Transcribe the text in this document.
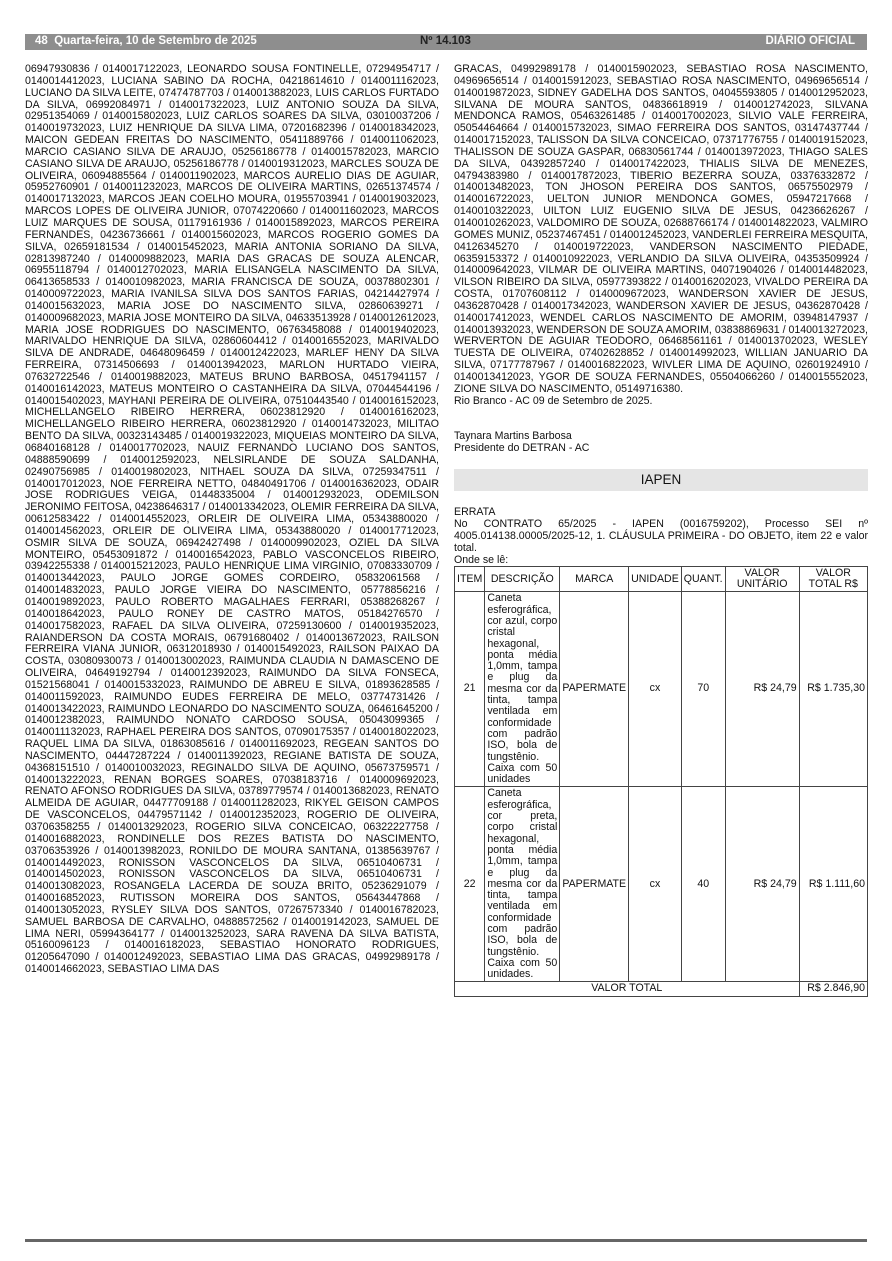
48 Quarta-feira, 10 de Setembro de 2025	Nº 14.103	DIÁRIO OFICIAL

06947930836 / 0140017122023, LEONARDO SOUSA FONTINELLE, 07294954717 / 0140014412023, LUCIANA SABINO DA ROCHA, 04218614610 / 0140011162023, LUCIANO DA SILVA LEITE, 07474787703 / 0140013882023, LUIS CARLOS FURTADO DA SILVA, 06992084971 / 0140017322023, LUIZ ANTONIO SOUZA DA SILVA, 02951354069 / 0140015802023, LUIZ CARLOS SOARES DA SILVA, 03010037206 / 0140019732023, LUIZ HENRIQUE DA SILVA LIMA, 07201682396 / 0140018342023, MAICON GEDEAN FREITAS DO NASCIMENTO, 05411889766 / 0140011062023, MARCIO CASIANO SILVA DE ARAUJO, 05256186778 / 0140015782023, MARCIO CASIANO SILVA DE ARAUJO, 05256186778 / 0140019312023, MARCLES SOUZA DE OLIVEIRA, 06094885564 / 0140011902023, MARCOS AURELIO DIAS DE AGUIAR, 05952760901 / 0140011232023, MARCOS DE OLIVEIRA MARTINS, 02651374574 / 0140017132023, MARCOS JEAN COELHO MOURA, 01955703941 / 0140019032023, MARCOS LOPES DE OLIVEIRA JUNIOR, 07074220660 / 0140011602023, MARCOS LUIZ MARQUES DE SOUSA, 01179161936 / 0140015892023, MARCOS PEREIRA FERNANDES, 04236736661 / 0140015602023, MARCOS ROGERIO GOMES DA SILVA, 02659181534 / 0140015452023, MARIA ANTONIA SORIANO DA SILVA, 02813987240 / 0140009882023, MARIA DAS GRACAS DE SOUZA ALENCAR, 06955118794 / 0140012702023, MARIA ELISANGELA NASCIMENTO DA SILVA, 06413658533 / 0140010982023, MARIA FRANCISCA DE SOUZA, 00378802301 / 0140009722023, MARIA IVANILSA SILVA DOS SANTOS FARIAS, 04214427974 / 0140015632023, MARIA JOSE DO NASCIMENTO SILVA, 02860639271 / 0140009682023, MARIA JOSE MONTEIRO DA SILVA, 04633513928 / 0140012612023, MARIA JOSE RODRIGUES DO NASCIMENTO, 06763458088 / 0140019402023, MARIVALDO HENRIQUE DA SILVA, 02860604412 / 0140016552023, MARIVALDO SILVA DE ANDRADE, 04648096459 / 0140012422023, MARLEF HENY DA SILVA FERREIRA, 07314506693 / 0140013942023, MARLON HURTADO VIEIRA, 07632722546 / 0140019882023, MATEUS BRUNO BARBOSA, 04517941157 / 0140016142023, MATEUS MONTEIRO O CASTANHEIRA DA SILVA, 07044544196 / 0140015402023, MAYHANI PEREIRA DE OLIVEIRA, 07510443540 / 0140016152023, MICHELLANGELO RIBEIRO HERRERA, 06023812920 / 0140016162023, MICHELLANGELO RIBEIRO HERRERA, 06023812920 / 0140014732023, MILITAO BENTO DA SILVA, 00323143485 / 0140019322023, MIQUEIAS MONTEIRO DA SILVA, 06840168128 / 0140017702023, NAUIZ FERNANDO LUCIANO DOS SANTOS, 04888590699 / 0140012592023, NELSIRLANDE DE SOUZA SALDANHA, 02490756985 / 0140019802023, NITHAEL SOUZA DA SILVA, 07259347511 / 0140017012023, NOE FERREIRA NETTO, 04840491706 / 0140016362023, ODAIR JOSE RODRIGUES VEIGA, 01448335004 / 0140012932023, ODEMILSON JERONIMO FEITOSA, 04238646317 / 0140013342023, OLEMIR FERREIRA DA SILVA, 00612583422 / 0140014552023, ORLEIR DE OLIVEIRA LIMA, 05343880020 / 0140014562023, ORLEIR DE OLIVEIRA LIMA, 05343880020 / 0140017712023, OSMIR SILVA DE SOUZA, 06942427498 / 0140009902023, OZIEL DA SILVA MONTEIRO, 05453091872 / 0140016542023, PABLO VASCONCELOS RIBEIRO, 03942255338 / 0140015212023, PAULO HENRIQUE LIMA VIRGINIO, 07083330709 / 0140013442023, PAULO JORGE GOMES CORDEIRO, 05832061568 / 0140014832023, PAULO JORGE VIEIRA DO NASCIMENTO, 05778856216 / 0140019892023, PAULO ROBERTO MAGALHAES FERRARI, 05388268267 / 0140018642023, PAULO RONEY DE CASTRO MATOS, 05184276570 / 0140017582023, RAFAEL DA SILVA OLIVEIRA, 07259130600 / 0140019352023, RAIANDERSON DA COSTA MORAIS, 06791680402 / 0140013672023, RAILSON FERREIRA VIANA JUNIOR, 06312018930 / 0140015492023, RAILSON PAIXAO DA COSTA, 03080930073 / 0140013002023, RAIMUNDA CLAUDIA N DAMASCENO DE OLIVEIRA, 04649192794 / 0140012392023, RAIMUNDO DA SILVA FONSECA, 01521568041 / 0140015332023, RAIMUNDO DE ABREU E SILVA, 01893628585 / 0140011592023, RAIMUNDO EUDES FERREIRA DE MELO, 03774731426 / 0140013422023, RAIMUNDO LEONARDO DO NASCIMENTO SOUZA, 06461645200 / 0140012382023, RAIMUNDO NONATO CARDOSO SOUSA, 05043099365 / 0140011132023, RAPHAEL PEREIRA DOS SANTOS, 07090175357 / 0140018022023, RAQUEL LIMA DA SILVA, 01863085616 / 0140011692023, REGEAN SANTOS DO NASCIMENTO, 04447287224 / 0140011392023, REGIANE BATISTA DE SOUZA, 04368151510 / 0140010032023, REGINALDO SILVA DE AQUINO, 05673759571 / 0140013222023, RENAN BORGES SOARES, 07038183716 / 0140009692023, RENATO AFONSO RODRIGUES DA SILVA, 03789779574 / 0140013682023, RENATO ALMEIDA DE AGUIAR, 04477709188 / 0140011282023, RIKYEL GEISON CAMPOS DE VASCONCELOS, 04479571142 / 0140012352023, ROGERIO DE OLIVEIRA, 03706358255 / 0140013292023, ROGERIO SILVA CONCEICAO, 06322227758 / 0140016882023, RONDINELLE DOS REZES BATISTA DO NASCIMENTO, 03706353926 / 0140013982023, RONILDO DE MOURA SANTANA, 01385639767 / 0140014492023, RONISSON VASCONCELOS DA SILVA, 06510406731 / 0140014502023, RONISSON VASCONCELOS DA SILVA, 06510406731 / 0140013082023, ROSANGELA LACERDA DE SOUZA BRITO, 05236291079 / 0140016852023, RUTISSON MOREIRA DOS SANTOS, 05643447868 / 0140013052023, RYSLEY SILVA DOS SANTOS, 07267573340 / 0140016782023, SAMUEL BARBOSA DE CARVALHO, 04888572562 / 0140019142023, SAMUEL DE LIMA NERI, 05994364177 / 0140013252023, SARA RAVENA DA SILVA BATISTA, 05160096123 / 0140016182023, SEBASTIAO HONORATO RODRIGUES, 01205647090 / 0140012492023, SEBASTIAO LIMA DAS GRACAS, 04992989178 / 0140014662023, SEBASTIAO LIMA DAS

GRACAS, 04992989178 / 0140015902023, SEBASTIAO ROSA NASCIMENTO, 04969656514 / 0140015912023, SEBASTIAO ROSA NASCIMENTO, 04969656514 / 0140019872023, SIDNEY GADELHA DOS SANTOS, 04045593805 / 0140012952023, SILVANA DE MOURA SANTOS, 04836618919 / 0140012742023, SILVANA MENDONCA RAMOS, 05463261485 / 0140017002023, SILVIO VALE FERREIRA, 05054464664 / 0140015732023, SIMAO FERREIRA DOS SANTOS, 03147437744 / 0140017152023, TALISSON DA SILVA CONCEICAO, 07371776755 / 0140019152023, THALISSON DE SOUZA GASPAR, 06830561744 / 0140013972023, THIAGO SALES DA SILVA, 04392857240 / 0140017422023, THIALIS SILVA DE MENEZES, 04794383980 / 0140017872023, TIBERIO BEZERRA SOUZA, 03376332872 / 0140013482023, TON JHOSON PEREIRA DOS SANTOS, 06575502979 / 0140016722023, UELTON JUNIOR MENDONCA GOMES, 05947217668 / 0140010322023, UILTON LUIZ EUGENIO SILVA DE JESUS, 04236626267 / 0140010262023, VALDOMIRO DE SOUZA, 02688766174 / 0140014822023, VALMIRO GOMES MUNIZ, 05237467451 / 0140012452023, VANDERLEI FERREIRA MESQUITA, 04126345270 / 0140019722023, VANDERSON NASCIMENTO PIEDADE, 06359153372 / 0140010922023, VERLANDIO DA SILVA OLIVEIRA, 04353509924 / 0140009642023, VILMAR DE OLIVEIRA MARTINS, 04071904026 / 0140014482023, VILSON RIBEIRO DA SILVA, 05977393822 / 0140016202023, VIVALDO PEREIRA DA COSTA, 01707608112 / 0140009672023, WANDERSON XAVIER DE JESUS, 04362870428 / 0140017342023, WANDERSON XAVIER DE JESUS, 04362870428 / 0140017412023, WENDEL CARLOS NASCIMENTO DE AMORIM, 03948147937 / 0140013932023, WENDERSON DE SOUZA AMORIM, 03838869631 / 0140013272023, WERVERTON DE AGUIAR TEODORO, 06468561161 / 0140013702023, WESLEY TUESTA DE OLIVEIRA, 07402628852 / 0140014992023, WILLIAN JANUARIO DA SILVA, 07177787967 / 0140016822023, WIVLER LIMA DE AQUINO, 02601924910 / 0140013412023, YGOR DE SOUZA FERNANDES, 05504066260 / 0140015552023, ZIONE SILVA DO NASCIMENTO, 05149716380.

Rio Branco - AC 09 de Setembro de 2025.

Taynara Martins Barbosa

Presidente do DETRAN - AC

IAPEN

ERRATA

No CONTRATO 65/2025 - IAPEN (0016759202), Processo SEI nº 4005.014138.00005/2025-12, 1. CLÁUSULA PRIMEIRA - DO OBJETO, item 22 e valor total.

Onde se lê:

ITEM	DESCRIÇÃO	MARCA	UNIDADE	QUANT.	VALOR UNITÁRIO	VALOR TOTAL R$
21	Caneta esferográfica, cor azul, corpo cristal hexagonal, ponta média 1,0mm, tampa e plug da mesma cor da tinta, tampa ventilada em conformidade com padrão ISO, bola de tungstênio. Caixa com 50 unidades	PAPERMATE	cx	70	R$ 24,79	R$ 1.735,30
22	Caneta esferográfica, cor preta, corpo cristal hexagonal, ponta média 1,0mm, tampa e plug da mesma cor da tinta, tampa ventilada em conformidade com padrão ISO, bola de tungstênio. Caixa com 50 unidades.	PAPERMATE	cx	40	R$ 24,79	R$ 1.111,60
VALOR TOTAL						R$ 2.846,90
